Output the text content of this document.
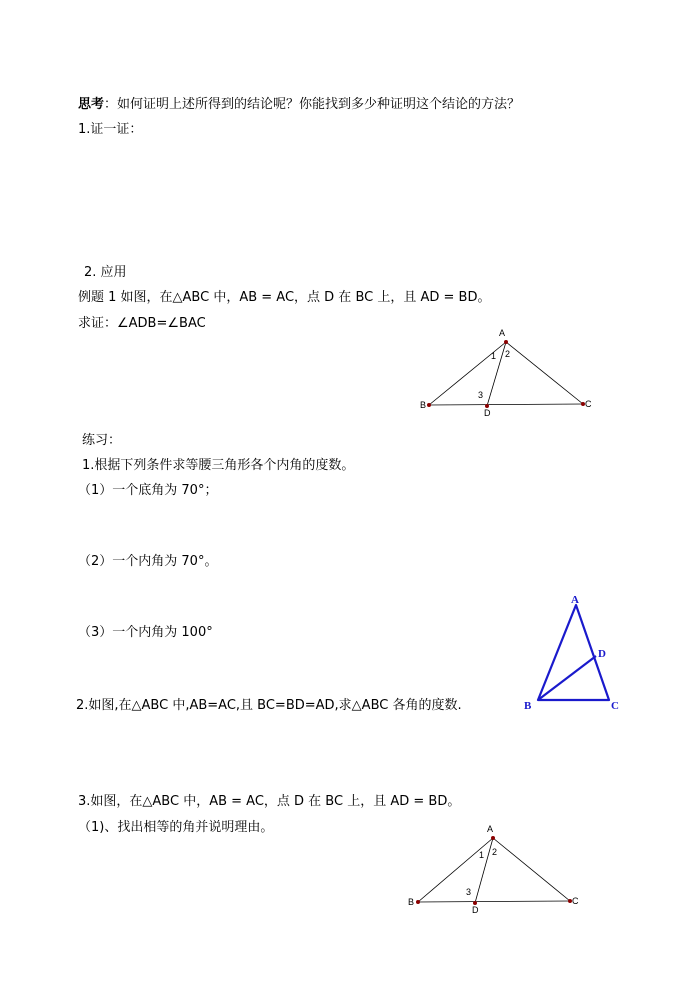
思考：如何证明上述所得到的结论呢？你能找到多少种证明这个结论的方法？
1.证一证：
2. 应用
例题 1 如图，在△ABC 中，AB = AC，点 D 在 BC 上，且 AD = BD。
求证：∠ADB=∠BAC
A
B	C
D
1 2
3
练习：
1.根据下列条件求等腰三角形各个内角的度数。
（1）一个底角为 70°；
（2）一个内角为 70°。
（3）一个内角为 100°
A
B	C
D
2.如图,在△ABC 中,AB=AC,且 BC=BD=AD,求△ABC 各角的度数.
3.如图，在△ABC 中，AB = AC，点 D 在 BC 上，且 AD = BD。
（1)、找出相等的角并说明理由。	A
B	C
D
1 2
3
